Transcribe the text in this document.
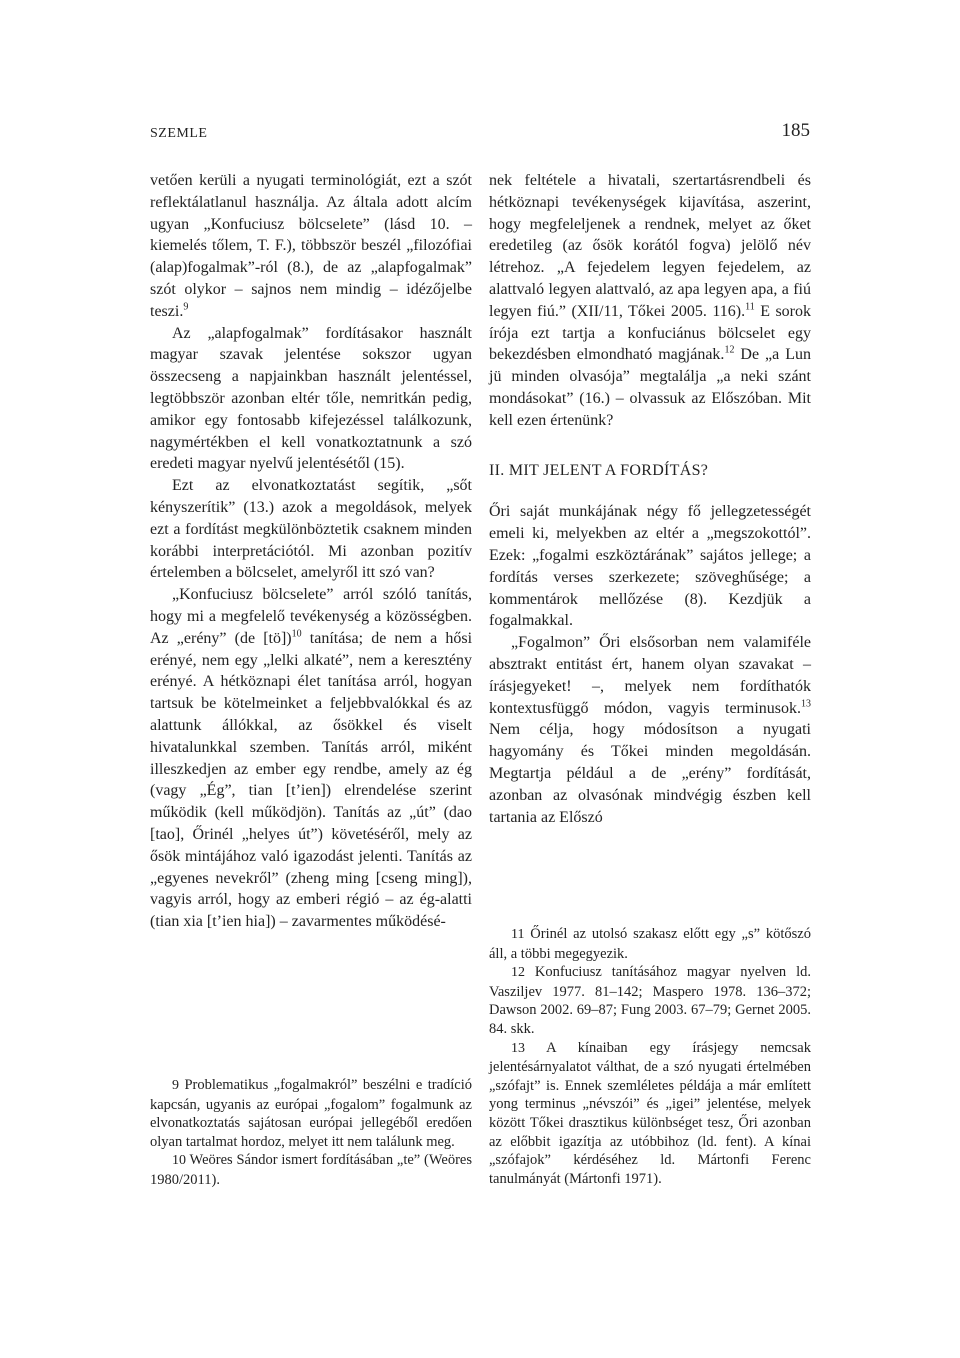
SZEMLE	185

vetően kerüli a nyugati terminológiát, ezt a szót reflektálatlanul használja. Az általa adott alcím ugyan „Konfuciusz bölcselete” (lásd 10. – kiemelés tőlem, T. F.), többször beszél „filozófiai (alap)fogalmak”-ról (8.), de az „alapfogalmak” szót olykor – sajnos nem mindig – idézőjelbe teszi.$^9$

Az „alapfogalmak” fordításakor használt magyar szavak jelentése sokszor ugyan összecseng a napjainkban használt jelentéssel, legtöbbször azonban eltér tőle, nemritkán pedig, amikor egy fontosabb kifejezéssel találkozunk, nagymértékben el kell vonatkoztatnunk a szó eredeti magyar nyelvű jelentésétől (15).

Ezt az elvonatkoztatást segítik, „sőt kényszerítik” (13.) azok a megoldások, melyek ezt a fordítást megkülönböztetik csaknem minden korábbi interpretációtól. Mi azonban pozitív értelemben a bölcselet, amelyről itt szó van?

„Konfuciusz bölcselete” arról szóló tanítás, hogy mi a megfelelő tevékenység a közösségben. Az „erény” (de [tö])$^{10}$ tanítása; de nem a hősi erényé, nem egy „lelki alkaté”, nem a keresztény erényé. A hétköznapi élet tanítása arról, hogyan tartsuk be kötelmeinket a feljebbvalókkal és az alattunk állókkal, az ősökkel és viselt hivatalunkkal szemben. Tanítás arról, miként illeszkedjen az ember egy rendbe, amely az ég (vagy „Ég”, tian [t’ien]) elrendelése szerint működik (kell működjön). Tanítás az „út” (dao [tao], Őrinél „helyes út”) követéséről, mely az ősök mintájához való igazodást jelenti. Tanítás az „egyenes nevekről” (zheng ming [cseng ming]), vagyis arról, hogy az emberi régió – az ég-alatti (tian xia [t’ien hia]) – zavarmentes működésé-

9 Problematikus „fogalmakról” beszélni e tradíció kapcsán, ugyanis az európai „fogalom” fogalmunk az elvonatkoztatás sajátosan európai jellegéből eredően olyan tartalmat hordoz, melyet itt nem találunk meg.

10 Weöres Sándor ismert fordításában „te” (Weöres 1980/2011).

nek feltétele a hivatali, szertartásrendbeli és hétköznapi tevékenységek kijavítása, aszerint, hogy megfeleljenek a rendnek, melyet az őket eredetileg (az ősök korától fogva) jelölő név létrehoz. „A fejedelem legyen fejedelem, az alattvaló legyen alattvaló, az apa legyen apa, a fiú legyen fiú.” (XII/11, Tőkei 2005. 116).$^{11}$ E sorok írója ezt tartja a konfuciánus bölcselet egy bekezdésben elmondható magjának.$^{12}$ De „a Lun jü minden olvasója” megtalálja „a neki szánt mondásokat” (16.) – olvassuk az Előszóban. Mit kell ezen értenünk?

II. MIT JELENT A FORDÍTÁS?

Őri saját munkájának négy fő jellegzetességét emeli ki, melyekben az eltér a „megszokottól”. Ezek: „fogalmi eszköztárának” sajátos jellege; a fordítás verses szerkezete; szöveghűsége; a kommentárok mellőzése (8). Kezdjük a fogalmakkal.

„Fogalmon” Őri elsősorban nem valamiféle absztrakt entitást ért, hanem olyan szavakat – írásjegyeket! –, melyek nem fordíthatók kontextusfüggő módon, vagyis terminusok.$^{13}$ Nem célja, hogy módosítson a nyugati hagyomány és Tőkei minden megoldásán. Megtartja például a de „erény” fordítását, azonban az olvasónak mindvégig észben kell tartania az Előszó

11 Őrinél az utolsó szakasz előtt egy „s” kötőszó áll, a többi megegyezik.

12 Konfuciusz tanításához magyar nyelven ld. Vasziljev 1977. 81–142; Maspero 1978. 136–372; Dawson 2002. 69–87; Fung 2003. 67–79; Gernet 2005. 84. skk.

13 A kínaiban egy írásjegy nemcsak jelentésárnyalatot válthat, de a szó nyugati értelmében „szófajt” is. Ennek szemléletes példája a már említett yong terminus „névszói” és „igei” jelentése, melyek között Tőkei drasztikus különbséget tesz, Őri azonban az előbbit igazítja az utóbbihoz (ld. fent). A kínai „szófajok” kérdéséhez ld. Mártonfi Ferenc tanulmányát (Mártonfi 1971).
